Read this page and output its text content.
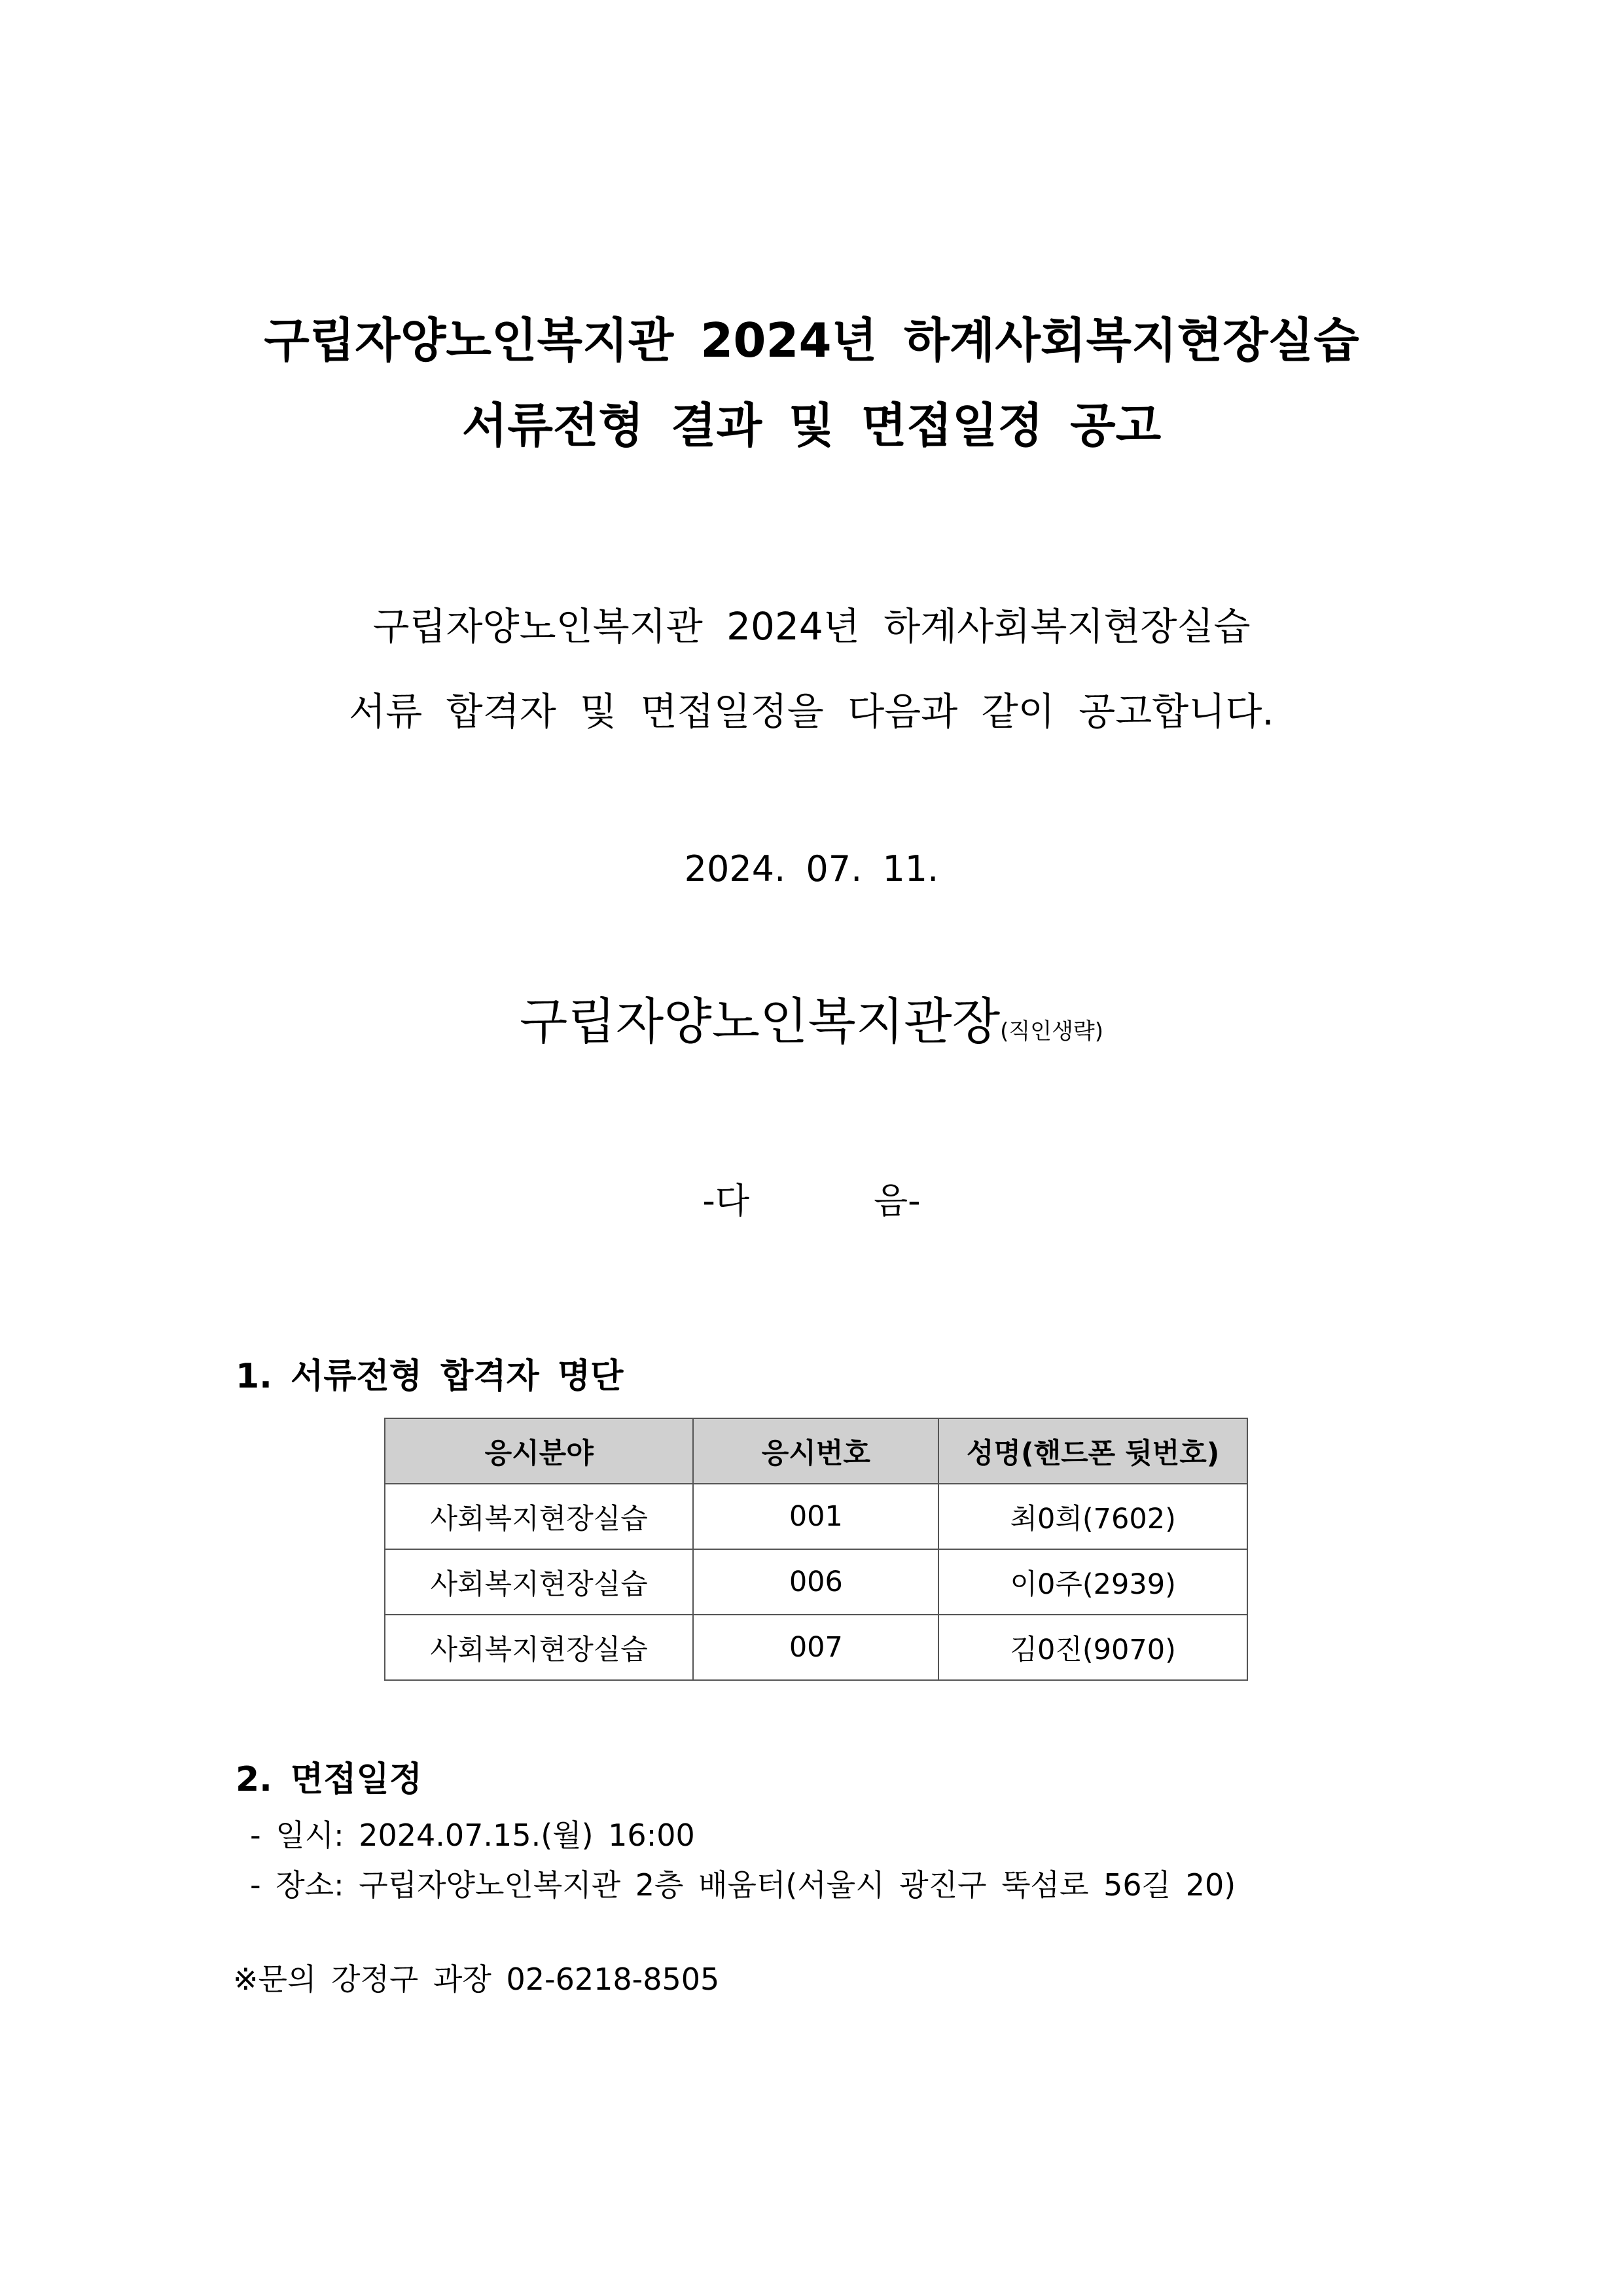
구립자양노인복지관 2024년 하계사회복지현장실습
서류전형 결과 및 면접일정 공고
구립자양노인복지관 2024년 하계사회복지현장실습
서류 합격자 및 면접일정을 다음과 같이 공고합니다.
2024. 07. 11.
구립자양노인복지관장(직인생략)
-다	음-
1. 서류전형 합격자 명단
응시분야	응시번호	성명(핸드폰 뒷번호)
사회복지현장실습	001	최0희(7602)
사회복지현장실습	006	이0주(2939)
사회복지현장실습	007	김0진(9070)
2. 면접일정
- 일시: 2024.07.15.(월) 16:00
- 장소: 구립자양노인복지관 2층 배움터(서울시 광진구 뚝섬로 56길 20)
※문의 강정구 과장 02-6218-8505
